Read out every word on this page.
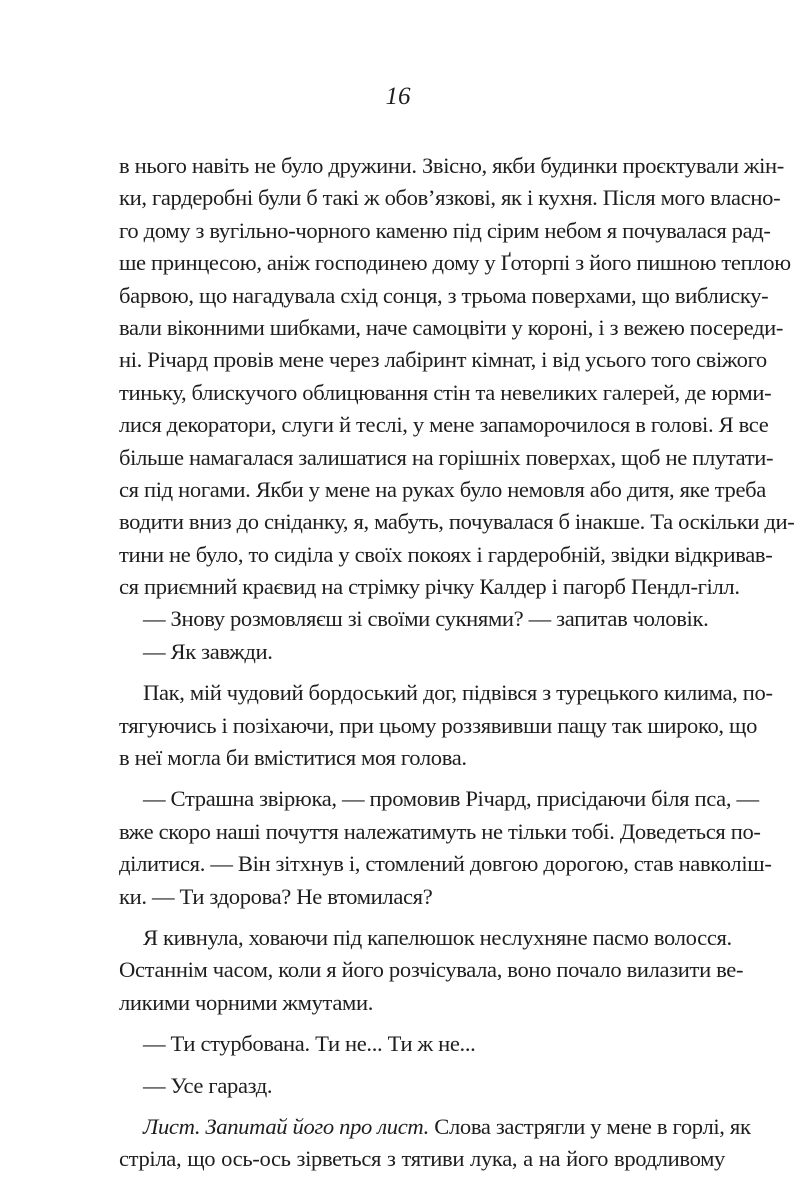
16
в нього навіть не було дружини. Звісно, якби будинки проєктували жін-
ки, гардеробні були б такі ж обов’язкові, як і кухня. Після мого власно-
го дому з вугільно-чорного каменю під сірим небом я почувалася рад-
ше принцесою, аніж господинею дому у Ґоторпі з його пишною теплою
барвою, що нагадувала схід сонця, з трьома поверхами, що виблиску-
вали віконними шибками, наче самоцвіти у короні, і з вежею посереди-
ні. Річард провів мене через лабіринт кімнат, і від усього того свіжого
тиньку, блискучого облицювання стін та невеликих галерей, де юрми-
лися декоратори, слуги й теслі, у мене запаморочилося в голові. Я все
більше намагалася залишатися на горішніх поверхах, щоб не плутати-
ся під ногами. Якби у мене на руках було немовля або дитя, яке треба
водити вниз до сніданку, я, мабуть, почувалася б інакше. Та оскільки ди-
тини не було, то сиділа у своїх покоях і гардеробній, звідки відкривав-
ся приємний краєвид на стрімку річку Калдер і пагорб Пендл-гілл.
— Знову розмовляєш зі своїми сукнями? — запитав чоловік.
— Як завжди.
Пак, мій чудовий бордоський дог, підвівся з турецького килима, по-
тягуючись і позіхаючи, при цьому роззявивши пащу так широко, що
в неї могла би вміститися моя голова.
— Страшна звірюка, — промовив Річард, присідаючи біля пса, —
вже скоро наші почуття належатимуть не тільки тобі. Доведеться по-
ділитися. — Він зітхнув і, стомлений довгою дорогою, став навколіш-
ки. — Ти здорова? Не втомилася?
Я кивнула, ховаючи під капелюшок неслухняне пасмо волосся.
Останнім часом, коли я його розчісувала, воно почало вилазити ве-
ликими чорними жмутами.
— Ти стурбована. Ти не... Ти ж не...
— Усе гаразд.
Лист. Запитай його про лист. Слова застрягли у мене в горлі, як
стріла, що ось-ось зірветься з тятиви лука, а на його вродливому
